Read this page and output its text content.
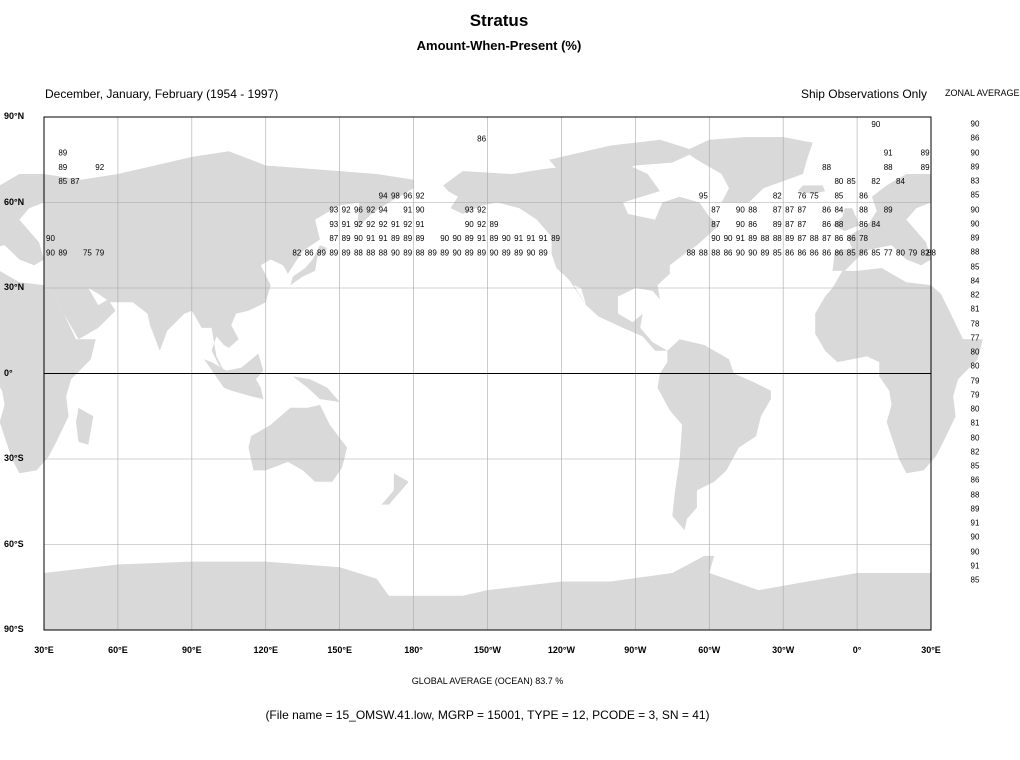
Stratus
Amount-When-Present (%)
December, January, February (1954 - 1997)	Ship Observations Only ZONAL AVERAGE
86
90
89	91	89
89	92	88	88	89
85 87	80 85 82 84
94 98 96 92	95	82 76 75 85 86
93 92 96 92 94 91 90	93 92	87 90 88 87 87 87 86 84 88 89
93 91 92 92 92 91 92 91	90 92 89	87 90 86 89 87 87 86 88 86 84
90	87 89 90 91 91 89 89 89 90 90 89 91 89 90 91 91 91 89	90 90 91 89 88 88 89 87 88 87 86 86 78
90 89 75 79	82 86 89 89 89 88 88 88 90 89 88 89 89 90 89 89 90 89 89 90 89	88 88 88 86 90 90 89 85 86 86 86 86 86 85 86 85 77 80 79 82
88
90°N
60°N
30°N
0°
30°S
60°S
90°S
30°E	60°E	90°E	120°E	150°E	180°	150°W	120°W	90°W	60°W	30°W	0°	30°E
90
86
90
89
83
85
90
90
89
88
85
84
82
81
78
77
80
80
79
79
80
81
80
82
85
86
88
89
91
90
90
91
85
GLOBAL AVERAGE (OCEAN) 83.7 %
(File name = 15_OMSW.41.low, MGRP = 15001, TYPE = 12, PCODE = 3, SN = 41)
